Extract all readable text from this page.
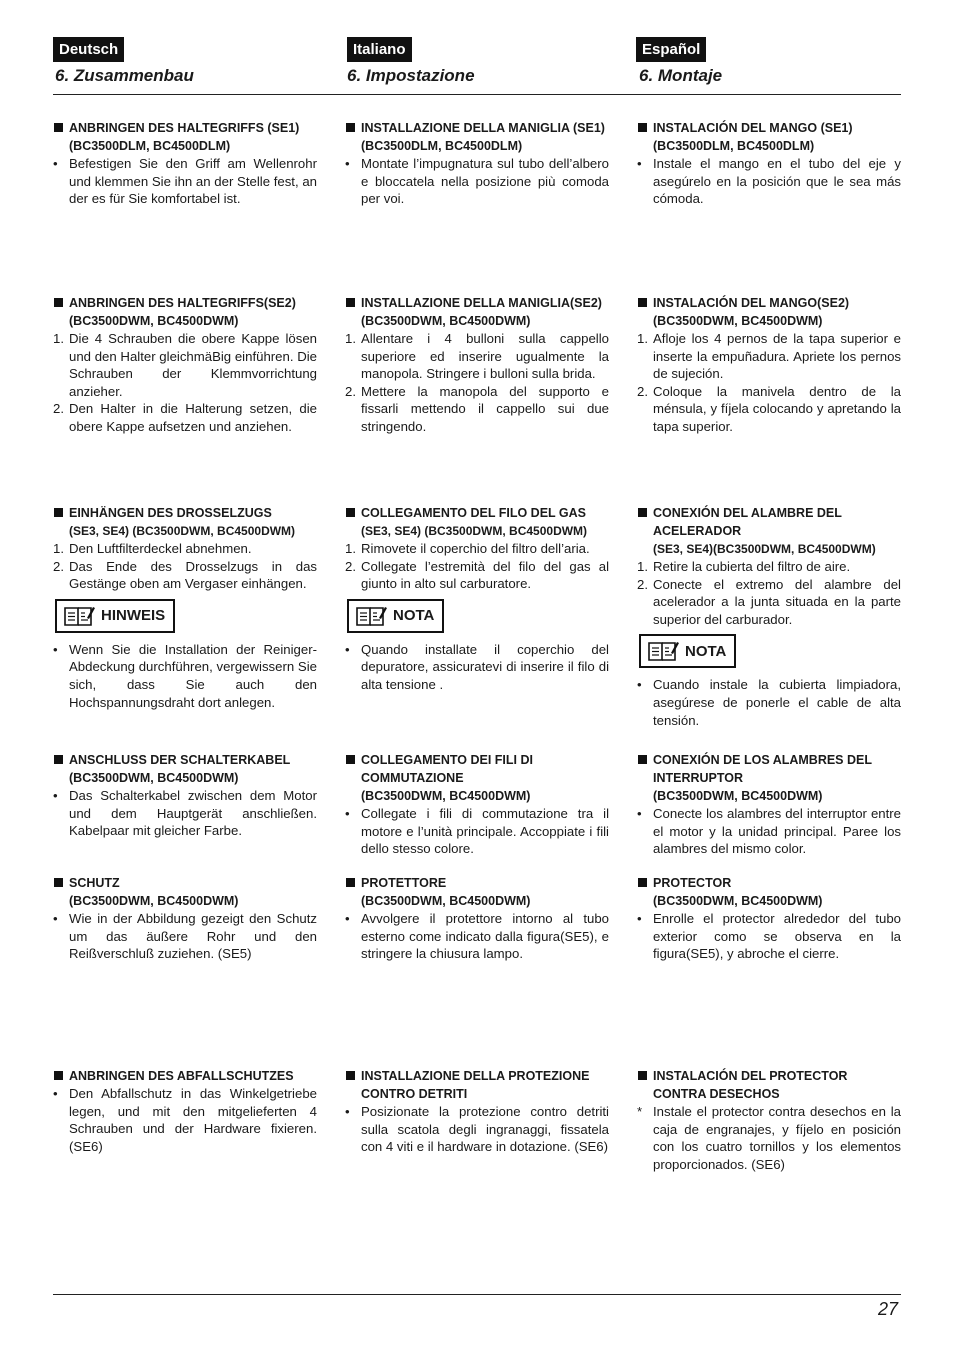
Deutsch
6. Zusammenbau
ANBRINGEN DES HALTEGRIFFS (SE1)
(BC3500DLM, BC4500DLM)
• Befestigen Sie den Griff am Wellenrohr und klemmen Sie ihn an der Stelle fest, an der es für Sie komfortabel ist.
ANBRINGEN DES HALTEGRIFFS(SE2)
(BC3500DWM, BC4500DWM)
1. Die 4 Schrauben die obere Kappe lösen und den Halter gleichmäBig einführen. Die Schrauben der Klemmvorrichtung anzieher.
2. Den Halter in die Halterung setzen, die obere Kappe aufsetzen und anziehen.
EINHÄNGEN DES DROSSELZUGS
(SE3, SE4) (BC3500DWM, BC4500DWM)
1. Den Luftfilterdeckel abnehmen.
2. Das Ende des Drosselzugs in das Gestänge oben am Vergaser einhängen.
HINWEIS
• Wenn Sie die Installation der Reiniger-Abdeckung durchführen, vergewissern Sie sich, dass Sie auch den Hochspannungsdraht dort anlegen.
ANSCHLUSS DER SCHALTERKABEL
(BC3500DWM, BC4500DWM)
• Das Schalterkabel zwischen dem Motor und dem Hauptgerät anschließen. Kabelpaar mit gleicher Farbe.
SCHUTZ
(BC3500DWM, BC4500DWM)
• Wie in der Abbildung gezeigt den Schutz um das äußere Rohr und den Reißverschluß zuziehen. (SE5)
ANBRINGEN DES ABFALLSCHUTZES
• Den Abfallschutz in das Winkelgetriebe legen, und mit den mitgelieferten 4 Schrauben und der Hardware fixieren. (SE6)
Italiano
6. Impostazione
INSTALLAZIONE DELLA MANIGLIA (SE1)
(BC3500DLM, BC4500DLM)
• Montate l’impugnatura sul tubo dell’albero e bloccatela nella posizione più comoda per voi.
INSTALLAZIONE DELLA MANIGLIA(SE2)
(BC3500DWM, BC4500DWM)
1. Allentare i 4 bulloni sulla cappello superiore ed inserire ugualmente la manopola. Stringere i bulloni sulla brida.
2. Mettere la manopola del supporto e fissarli mettendo il cappello sui due stringendo.
COLLEGAMENTO DEL FILO DEL GAS
(SE3, SE4) (BC3500DWM, BC4500DWM)
1. Rimovete il coperchio del filtro dell’aria.
2. Collegate l’estremità del filo del gas al giunto in alto sul carburatore.
NOTA
• Quando installate il coperchio del depuratore, assicuratevi di inserire il filo di alta tensione .
COLLEGAMENTO DEI FILI DI COMMUTAZIONE
(BC3500DWM, BC4500DWM)
• Collegate i fili di commutazione tra il motore e l’unità principale. Accoppiate i fili dello stesso colore.
PROTETTORE
(BC3500DWM, BC4500DWM)
• Avvolgere il protettore intorno al tubo esterno come indicato dalla figura(SE5), e stringere la chiusura lampo.
INSTALLAZIONE DELLA PROTEZIONE CONTRO DETRITI
• Posizionate la protezione contro detriti sulla scatola degli ingranaggi, fissatela con 4 viti e il hardware in dotazione. (SE6)
Español
6. Montaje
INSTALACIÓN DEL MANGO (SE1)
(BC3500DLM, BC4500DLM)
• Instale el mango en el tubo del eje y asegúrelo en la posición que le sea más cómoda.
INSTALACIÓN DEL MANGO(SE2)
(BC3500DWM, BC4500DWM)
1. Afloje los 4 pernos de la tapa superior e inserte la empuñadura. Apriete los pernos de sujeción.
2. Coloque la manivela dentro de la ménsula, y fíjela colocando y apretando la tapa superior.
CONEXIÓN DEL ALAMBRE DEL ACELERADOR
(SE3, SE4)(BC3500DWM, BC4500DWM)
1. Retire la cubierta del filtro de aire.
2. Conecte el extremo del alambre del acelerador a la junta situada en la parte superior del carburador.
NOTA
• Cuando instale la cubierta limpiadora, asegúrese de ponerle el cable de alta tensión.
CONEXIÓN DE LOS ALAMBRES DEL INTERRUPTOR
(BC3500DWM, BC4500DWM)
• Conecte los alambres del interruptor entre el motor y la unidad principal. Paree los alambres del mismo color.
PROTECTOR
(BC3500DWM, BC4500DWM)
• Enrolle el protector alrededor del tubo exterior como se observa en la figura(SE5), y abroche el cierre.
INSTALACIÓN DEL PROTECTOR CONTRA DESECHOS
* Instale el protector contra desechos en la caja de engranajes, y fíjelo en posición con los cuatro tornillos y los elementos proporcionados. (SE6)
27
